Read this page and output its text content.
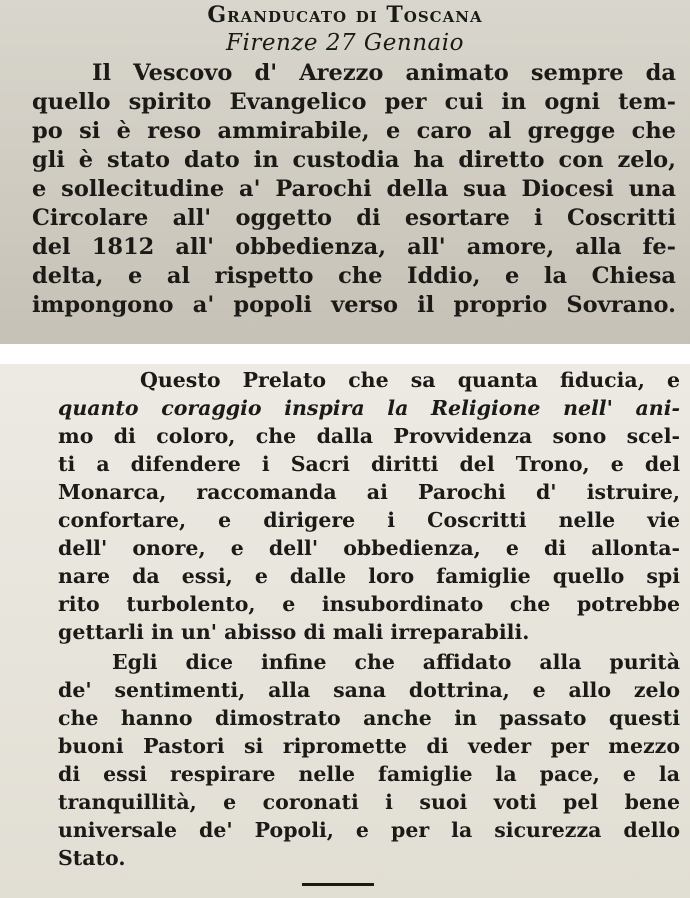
Granducato di Toscana

Firenze 27 Gennaio

Il Vescovo d' Arezzo animato sempre da
quello spirito Evangelico per cui in ogni tem-
po si è reso ammirabile, e caro al gregge che
gli è stato dato in custodia ha diretto con zelo,
e sollecitudine a' Parochi della sua Diocesi una
Circolare all' oggetto di esortare i Coscritti
del 1812 all' obbedienza, all' amore, alla fe-
delta, e al rispetto che Iddio, e la Chiesa
impongono a' popoli verso il proprio Sovrano.
Questo Prelato che sa quanta fiducia, e
quanto coraggio inspira la Religione nell' ani-
mo di coloro, che dalla Provvidenza sono scel-
ti a difendere i Sacri diritti del Trono, e del
Monarca, raccomanda ai Parochi d' istruire,
confortare, e dirigere i Coscritti nelle vie
dell' onore, e dell' obbedienza, e di allonta-
nare da essi, e dalle loro famiglie quello spi
rito turbolento, e insubordinato che potrebbe
gettarli in un' abisso di mali irreparabili.
Egli dice infine che affidato alla purità
de' sentimenti, alla sana dottrina, e allo zelo
che hanno dimostrato anche in passato questi
buoni Pastori si ripromette di veder per mezzo
di essi respirare nelle famiglie la pace, e la
tranquillità, e coronati i suoi voti pel bene
universale de' Popoli, e per la sicurezza dello
Stato.
